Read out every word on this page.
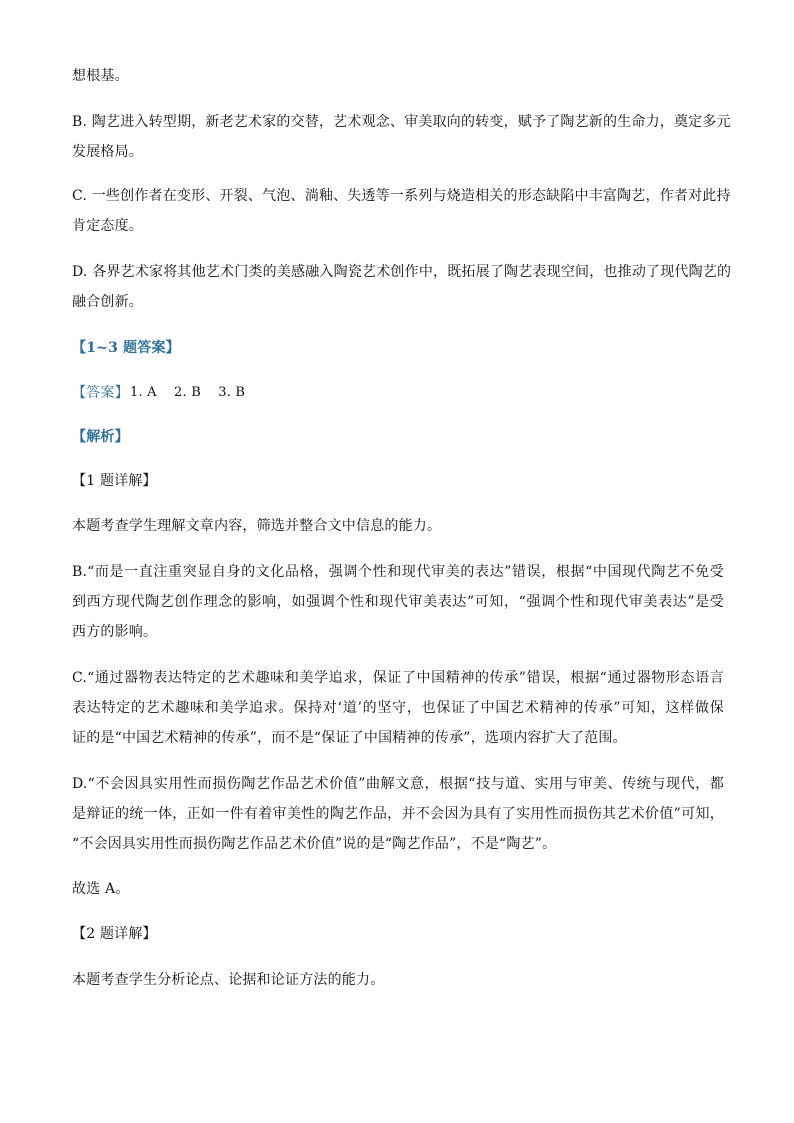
想根基。
B. 陶艺进入转型期，新老艺术家的交替，艺术观念、审美取向的转变，赋予了陶艺新的生命力，奠定多元
发展格局。
C. 一些创作者在变形、开裂、气泡、淌釉、失透等一系列与烧造相关的形态缺陷中丰富陶艺，作者对此持
肯定态度。
D. 各界艺术家将其他艺术门类的美感融入陶瓷艺术创作中，既拓展了陶艺表现空间，也推动了现代陶艺的
融合创新。
【1~3 题答案】
【答案】 1. A    2. B    3. B
【解析】
【1 题详解】
本题考查学生理解文章内容，筛选并整合文中信息的能力。
B.“而是一直注重突显自身的文化品格，强调个性和现代审美的表达”错误，根据“中国现代陶艺不免受
到西方现代陶艺创作理念的影响，如强调个性和现代审美表达”可知，“强调个性和现代审美表达”是受
西方的影响。
C.“通过器物表达特定的艺术趣味和美学追求，保证了中国精神的传承”错误，根据“通过器物形态语言
表达特定的艺术趣味和美学追求。保持对‘道’的坚守，也保证了中国艺术精神的传承”可知，这样做保
证的是“中国艺术精神的传承”，而不是“保证了中国精神的传承”，选项内容扩大了范围。
D.“不会因具实用性而损伤陶艺作品艺术价值”曲解文意，根据“技与道、实用与审美、传统与现代，都
是辩证的统一体，正如一件有着审美性的陶艺作品，并不会因为具有了实用性而损伤其艺术价值”可知，
“不会因具实用性而损伤陶艺作品艺术价值”说的是“陶艺作品”，不是“陶艺”。
故选 A。
【2 题详解】
本题考查学生分析论点、论据和论证方法的能力。
